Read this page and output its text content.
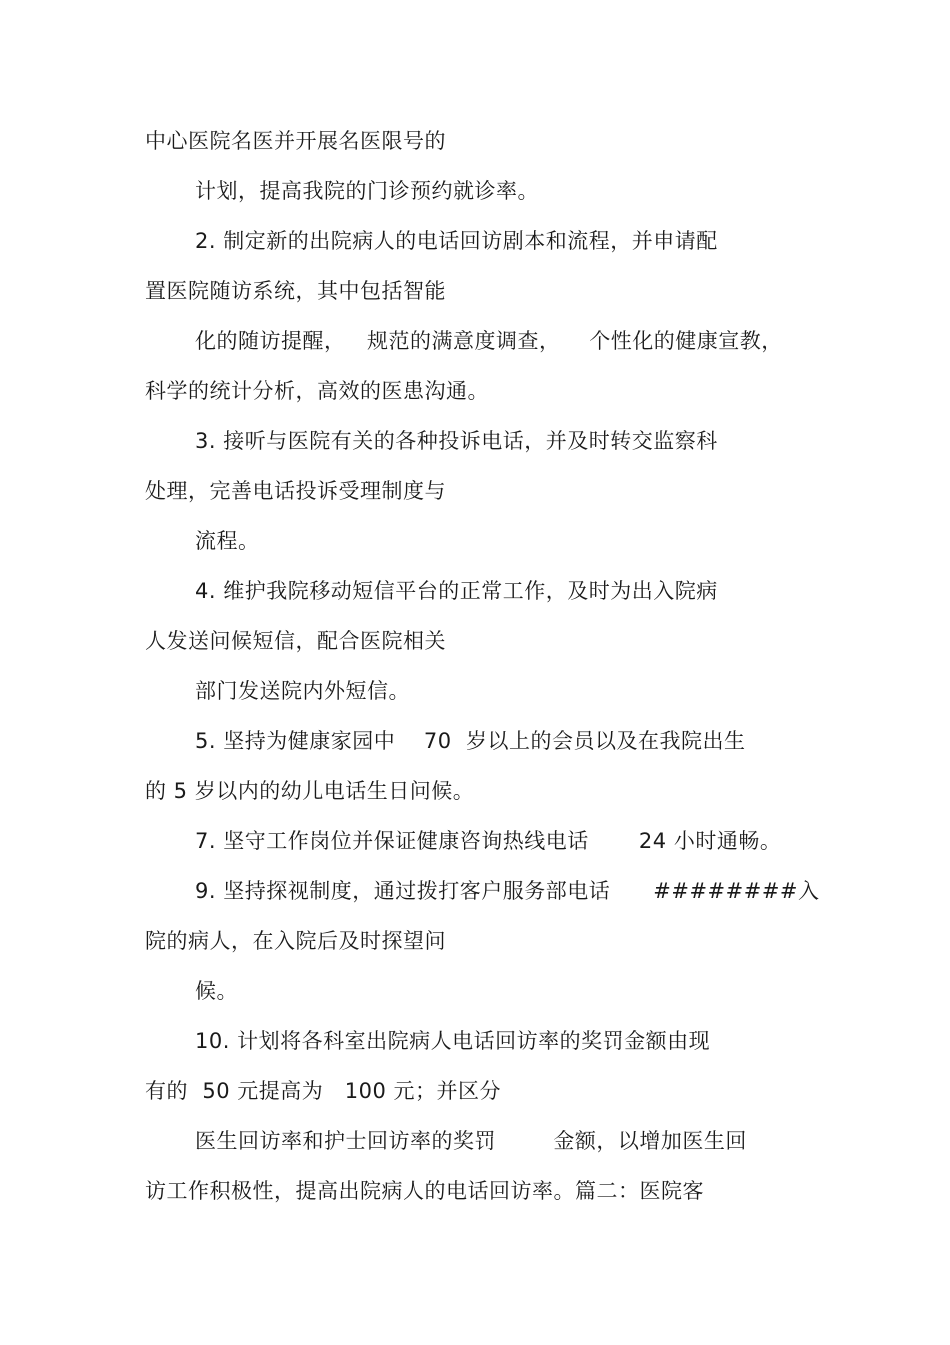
中心医院名医并开展名医限号的
计划，提高我院的门诊预约就诊率。
2. 制定新的出院病人的电话回访剧本和流程，并申请配
置医院随访系统，其中包括智能
化的随访提醒，   规范的满意度调查，    个性化的健康宣教，
科学的统计分析，高效的医患沟通。
3. 接听与医院有关的各种投诉电话，并及时转交监察科
处理，完善电话投诉受理制度与
流程。
4. 维护我院移动短信平台的正常工作，及时为出入院病
人发送问候短信，配合医院相关
部门发送院内外短信。
5. 坚持为健康家园中    70  岁以上的会员以及在我院出生
的 5 岁以内的幼儿电话生日问候。
7. 坚守工作岗位并保证健康咨询热线电话       24 小时通畅。
9. 坚持探视制度，通过拨打客户服务部电话      ########入
院的病人，在入院后及时探望问
候。
10. 计划将各科室出院病人电话回访率的奖罚金额由现
有的  50 元提高为   100 元；并区分
医生回访率和护士回访率的奖罚        金额，以增加医生回
访工作积极性，提高出院病人的电话回访率。篇二：医院客
